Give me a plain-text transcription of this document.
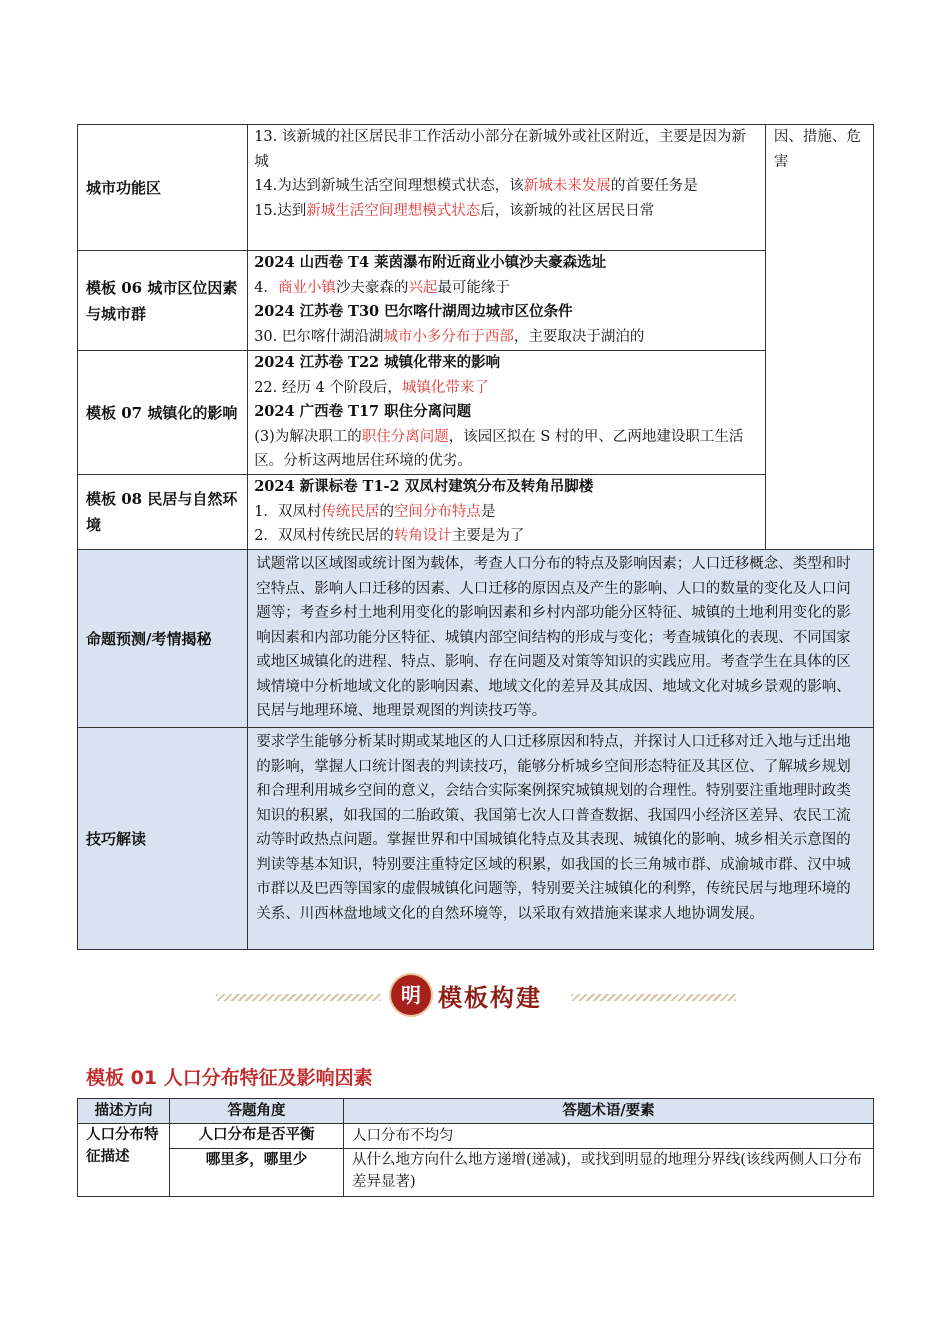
城市功能区	13. 该新城的社区居民非工作活动小部分在新城外或社区附近，主要是因为新城
14.为达到新城生活空间理想模式状态，该新城未来发展的首要任务是
15.达到新城生活空间理想模式状态后，该新城的社区居民日常	因、措施、危害
模板 06 城市区位因素与城市群	2024 山西卷 T4 莱茵瀑布附近商业小镇沙夫豪森选址
4．商业小镇沙夫豪森的兴起最可能缘于
2024 江苏卷 T30 巴尔喀什湖周边城市区位条件
30. 巴尔喀什湖沿湖城市小多分布于西部，主要取决于湖泊的	

模板 07 城镇化的影响	2024 江苏卷 T22 城镇化带来的影响
22. 经历 4 个阶段后，城镇化带来了
2024 广西卷 T17 职住分离问题
(3)为解决职工的职住分离问题，该园区拟在 S 村的甲、乙两地建设职工生活区。分析这两地居住环境的优劣。	

模板 08 民居与自然环境	2024 新课标卷 T1-2 双凤村建筑分布及转角吊脚楼
1．双凤村传统民居的空间分布特点是
2．双凤村传统民居的转角设计主要是为了	

命题预测/考情揭秘	试题常以区域图或统计图为载体，考查人口分布的特点及影响因素；人口迁移概念、类型和时空特点、影响人口迁移的因素、人口迁移的原因点及产生的影响、人口的数量的变化及人口问题等；考查乡村土地利用变化的影响因素和乡村内部功能分区特征、城镇的土地利用变化的影响因素和内部功能分区特征、城镇内部空间结构的形成与变化；考查城镇化的表现、不同国家或地区城镇化的进程、特点、影响、存在问题及对策等知识的实践应用。考查学生在具体的区域情境中分析地域文化的影响因素、地域文化的差异及其成因、地域文化对城乡景观的影响、民居与地理环境、地理景观图的判读技巧等。	
技巧解读	要求学生能够分析某时期或某地区的人口迁移原因和特点，并探讨人口迁移对迁入地与迁出地的影响，掌握人口统计图表的判读技巧，能够分析城乡空间形态特征及其区位、了解城乡规划和合理利用城乡空间的意义，会结合实际案例探究城镇规划的合理性。特别要注重地理时政类知识的积累，如我国的二胎政策、我国第七次人口普查数据、我国四小经济区差异、农民工流动等时政热点问题。掌握世界和中国城镇化特点及其表现、城镇化的影响、城乡相关示意图的判读等基本知识，特别要注重特定区域的积累，如我国的长三角城市群、成渝城市群、汉中城市群以及巴西等国家的虚假城镇化问题等，特别要关注城镇化的利弊，传统民居与地理环境的关系、川西林盘地域文化的自然环境等，以采取有效措施来谋求人地协调发展。	
明 模板构建
模板 01 人口分布特征及影响因素
描述方向	答题角度	答题术语/要素
人口分布特征描述	人口分布是否平衡	人口分布不均匀
	哪里多，哪里少	从什么地方向什么地方递增(递减)，或找到明显的地理分界线(该线两侧人口分布差异显著)
